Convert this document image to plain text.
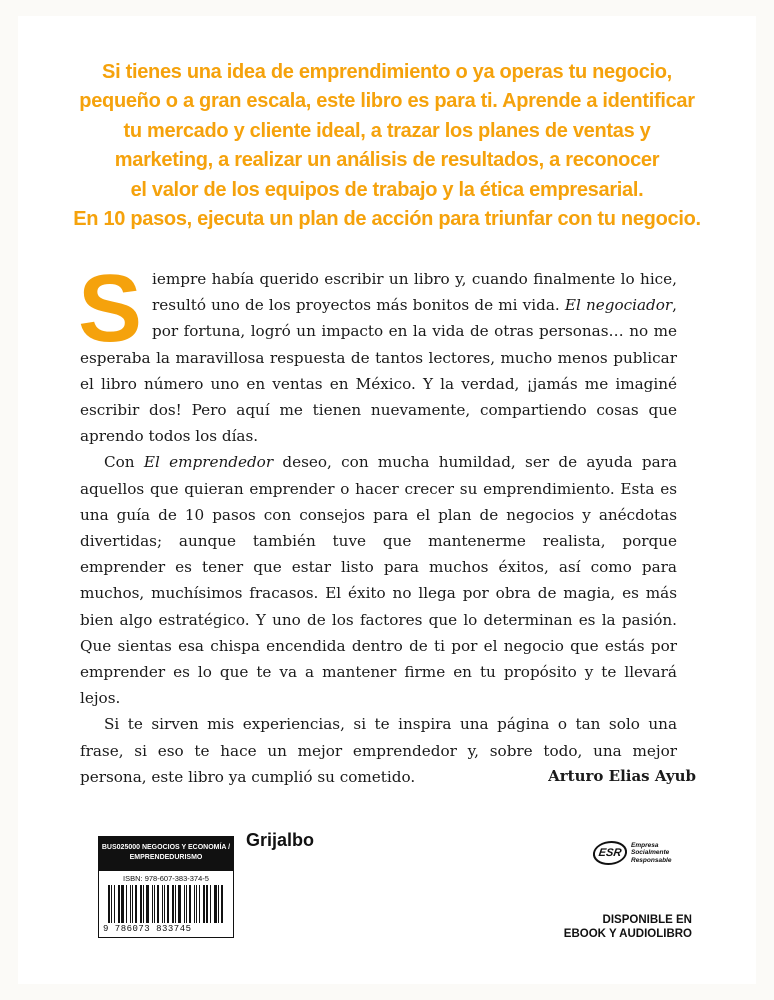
Si tienes una idea de emprendimiento o ya operas tu negocio,
pequeño o a gran escala, este libro es para ti. Aprende a identificar
tu mercado y cliente ideal, a trazar los planes de ventas y
marketing, a realizar un análisis de resultados, a reconocer
el valor de los equipos de trabajo y la ética empresarial.
En 10 pasos, ejecuta un plan de acción para triunfar con tu negocio.

Siempre había querido escribir un libro y, cuando finalmente lo hice, resultó uno de los proyectos más bonitos de mi vida. El negociador, por fortuna, logró un impacto en la vida de otras personas… no me esperaba la maravillosa respuesta de tantos lectores, mucho menos publicar el libro número uno en ventas en México. Y la verdad, ¡jamás me imaginé escribir dos! Pero aquí me tienen nuevamente, compartiendo cosas que aprendo todos los días.

Con El emprendedor deseo, con mucha humildad, ser de ayuda para aquellos que quieran emprender o hacer crecer su emprendimiento. Esta es una guía de 10 pasos con consejos para el plan de negocios y anécdotas divertidas; aunque también tuve que mantenerme realista, porque emprender es tener que estar listo para muchos éxitos, así como para muchos, muchísimos fracasos. El éxito no llega por obra de magia, es más bien algo estratégico. Y uno de los factores que lo determinan es la pasión. Que sientas esa chispa encendida dentro de ti por el negocio que estás por emprender es lo que te va a mantener firme en tu propósito y te llevará lejos.

Si te sirven mis experiencias, si te inspira una página o tan solo una frase, si eso te hace un mejor emprendedor y, sobre todo, una mejor persona, este libro ya cumplió su cometido.	Arturo Elias Ayub
BUS025000 NEGOCIOS Y ECONOMÍA /
EMPRENDEDURISMO
ISBN: 978-607-383-374-5
9 786073 833745
Grijalbo
ESR
Empresa
Socialmente
Responsable
DISPONIBLE EN
EBOOK Y AUDIOLIBRO
